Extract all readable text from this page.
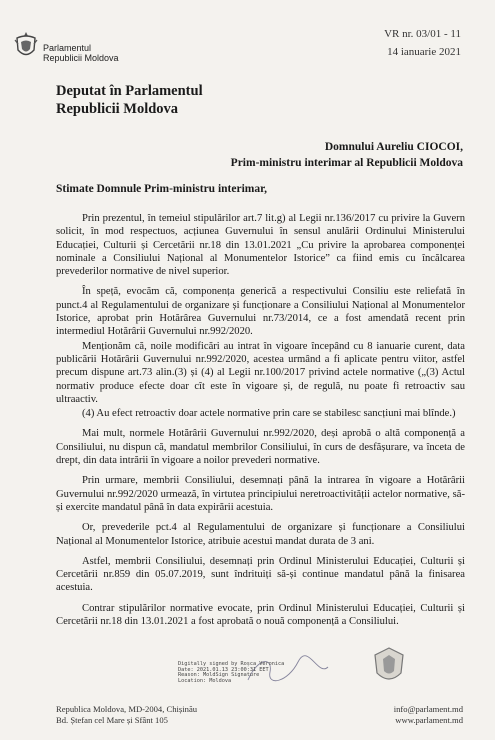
Parlamentul
Republicii Moldova
VR nr. 03/01 - 11
14 ianuarie 2021
Deputat în Parlamentul
Republicii Moldova
Domnului Aureliu CIOCOI,
Prim-ministru interimar al Republicii Moldova
Stimate Domnule Prim-ministru interimar,

Prin prezentul, în temeiul stipulărilor art.7 lit.g) al Legii nr.136/2017 cu privire la Guvern solicit, în mod respectuos, acțiunea Guvernului în sensul anulării Ordinului Ministerului Educației, Culturii și Cercetării nr.18 din 13.01.2021 „Cu privire la aprobarea componenței nominale a Consiliului Național al Monumentelor Istorice” ca fiind emis cu încălcarea prevederilor normative de nivel superior.

În speță, evocăm că, componența generică a respectivului Consiliu este reliefată în punct.4 al Regulamentului de organizare și funcționare a Consiliului Național al Monumentelor Istorice, aprobat prin Hotărârea Guvernului nr.73/2014, ce a fost amendată recent prin intermediul Hotărârii Guvernului nr.992/2020.

Menționăm că, noile modificări au intrat în vigoare începând cu 8 ianuarie curent, data publicării Hotărârii Guvernului nr.992/2020, acestea urmând a fi aplicate pentru viitor, astfel precum dispune art.73 alin.(3) și (4) al Legii nr.100/2017 privind actele normative („(3) Actul normativ produce efecte doar cît este în vigoare și, de regulă, nu poate fi retroactiv sau ultraactiv.

(4) Au efect retroactiv doar actele normative prin care se stabilesc sancțiuni mai blînde.)

Mai mult, normele Hotărârii Guvernului nr.992/2020, deși aprobă o altă componență a Consiliului, nu dispun că, mandatul membrilor Consiliului, în curs de desfășurare, va înceta de drept, din data intrării în vigoare a noilor prevederi normative.

Prin urmare, membrii Consiliului, desemnați până la intrarea în vigoare a Hotărârii Guvernului nr.992/2020 urmează, în virtutea principiului neretroactivității actelor normative, să-și exercite mandatul până în data expirării acestuia.

Or, prevederile pct.4 al Regulamentului de organizare și funcționare a Consiliului Național al Monumentelor Istorice, atribuie acestui mandat durata de 3 ani.

Astfel, membrii Consiliului, desemnați prin Ordinul Ministerului Educației, Culturii și Cercetării nr.859 din 05.07.2019, sunt îndrituiți să-și continue mandatul până la finisarea acestuia.

Contrar stipulărilor normative evocate, prin Ordinul Ministerului Educației, Culturii și Cercetării nr.18 din 13.01.2021 a fost aprobată o nouă componență a Consiliului.

Digitally signed by Roșca Veronica
Date: 2021.01.13 23:00:31 EET
Reason: MoldSign Signature
Location: Moldova
Republica Moldova, MD-2004, Chișinău
Bd. Ștefan cel Mare și Sfânt 105
info@parlament.md
www.parlament.md
